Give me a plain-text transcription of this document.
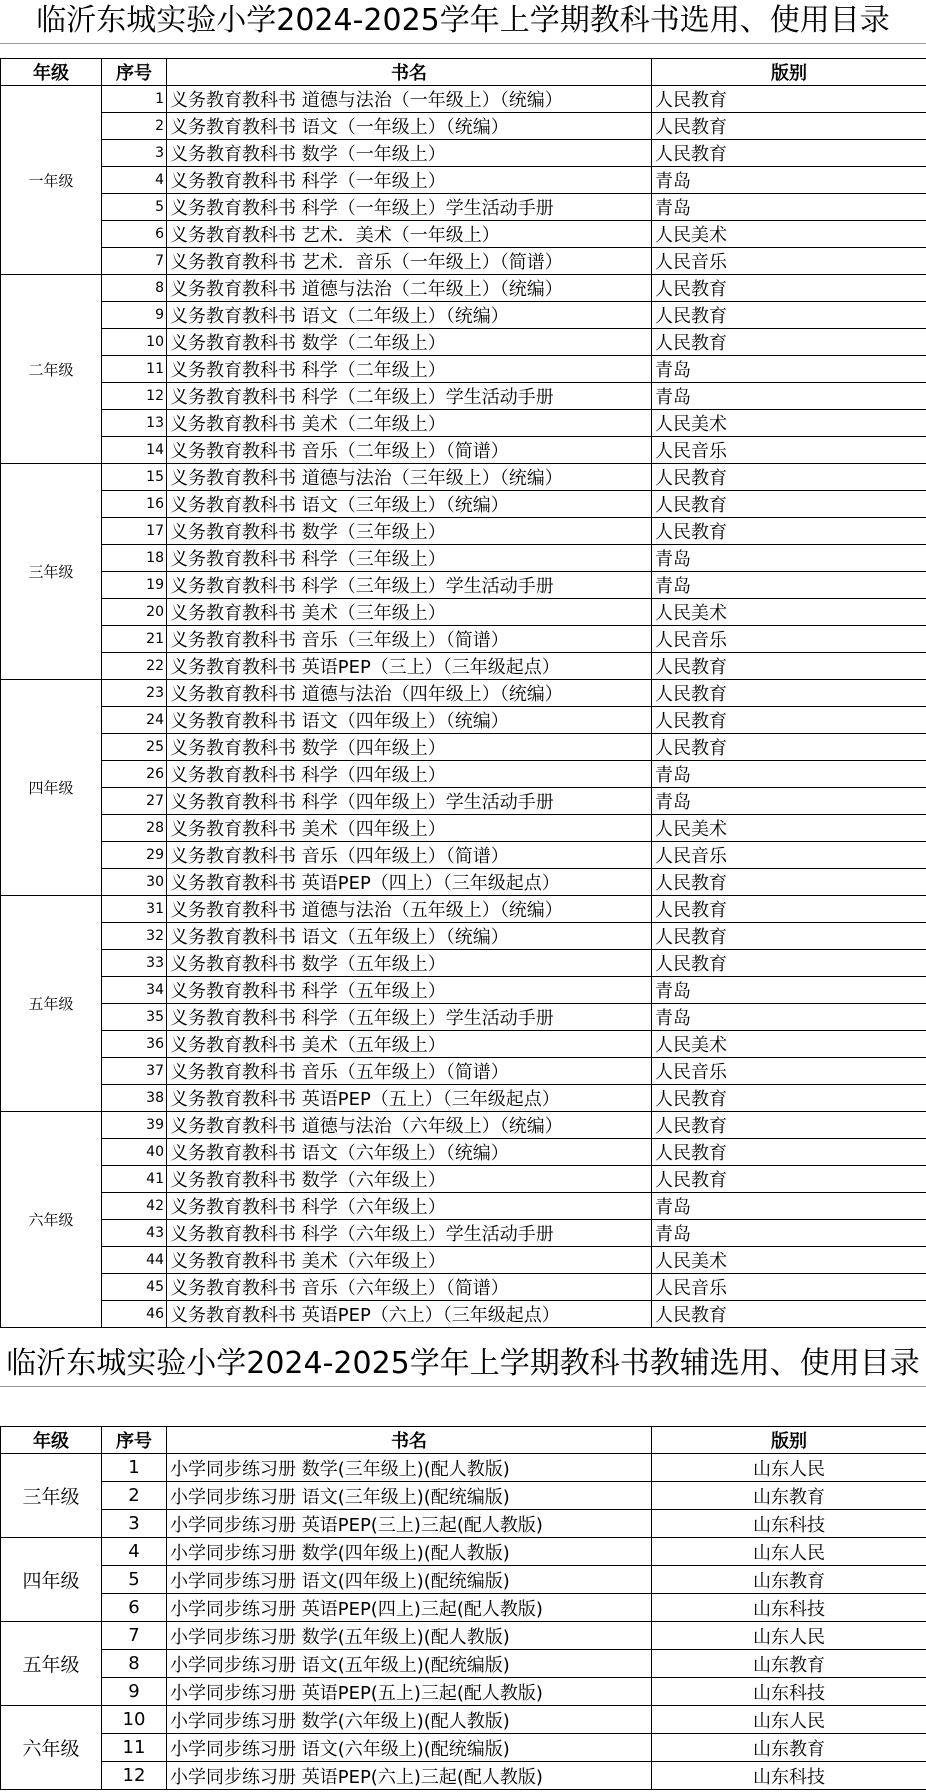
临沂东城实验小学2024-2025学年上学期教科书选用、使用目录
年级	序号	书名	版别
一年级	1	义务教育教科书 道德与法治（一年级上）（统编）	人民教育
	2	义务教育教科书 语文（一年级上）（统编）	人民教育
	3	义务教育教科书 数学（一年级上）	人民教育
	4	义务教育教科书 科学（一年级上）	青岛
	5	义务教育教科书 科学（一年级上）学生活动手册	青岛
	6	义务教育教科书 艺术．美术（一年级上）	人民美术
	7	义务教育教科书 艺术．音乐（一年级上）（简谱）	人民音乐
二年级	8	义务教育教科书 道德与法治（二年级上）（统编）	人民教育
	9	义务教育教科书 语文（二年级上）（统编）	人民教育
	10	义务教育教科书 数学（二年级上）	人民教育
	11	义务教育教科书 科学（二年级上）	青岛
	12	义务教育教科书 科学（二年级上）学生活动手册	青岛
	13	义务教育教科书 美术（二年级上）	人民美术
	14	义务教育教科书 音乐（二年级上）（简谱）	人民音乐
三年级	15	义务教育教科书 道德与法治（三年级上）（统编）	人民教育
	16	义务教育教科书 语文（三年级上）（统编）	人民教育
	17	义务教育教科书 数学（三年级上）	人民教育
	18	义务教育教科书 科学（三年级上）	青岛
	19	义务教育教科书 科学（三年级上）学生活动手册	青岛
	20	义务教育教科书 美术（三年级上）	人民美术
	21	义务教育教科书 音乐（三年级上）（简谱）	人民音乐
	22	义务教育教科书 英语PEP（三上）（三年级起点）	人民教育
四年级	23	义务教育教科书 道德与法治（四年级上）（统编）	人民教育
	24	义务教育教科书 语文（四年级上）（统编）	人民教育
	25	义务教育教科书 数学（四年级上）	人民教育
	26	义务教育教科书 科学（四年级上）	青岛
	27	义务教育教科书 科学（四年级上）学生活动手册	青岛
	28	义务教育教科书 美术（四年级上）	人民美术
	29	义务教育教科书 音乐（四年级上）（简谱）	人民音乐
	30	义务教育教科书 英语PEP（四上）（三年级起点）	人民教育
五年级	31	义务教育教科书 道德与法治（五年级上）（统编）	人民教育
	32	义务教育教科书 语文（五年级上）（统编）	人民教育
	33	义务教育教科书 数学（五年级上）	人民教育
	34	义务教育教科书 科学（五年级上）	青岛
	35	义务教育教科书 科学（五年级上）学生活动手册	青岛
	36	义务教育教科书 美术（五年级上）	人民美术
	37	义务教育教科书 音乐（五年级上）（简谱）	人民音乐
	38	义务教育教科书 英语PEP（五上）（三年级起点）	人民教育
六年级	39	义务教育教科书 道德与法治（六年级上）（统编）	人民教育
	40	义务教育教科书 语文（六年级上）（统编）	人民教育
	41	义务教育教科书 数学（六年级上）	人民教育
	42	义务教育教科书 科学（六年级上）	青岛
	43	义务教育教科书 科学（六年级上）学生活动手册	青岛
	44	义务教育教科书 美术（六年级上）	人民美术
	45	义务教育教科书 音乐（六年级上）（简谱）	人民音乐
	46	义务教育教科书 英语PEP（六上）（三年级起点）	人民教育
临沂东城实验小学2024-2025学年上学期教科书教辅选用、使用目录
年级	序号	书名	版别
三年级	1	小学同步练习册 数学(三年级上)(配人教版)	山东人民
	2	小学同步练习册 语文(三年级上)(配统编版)	山东教育
	3	小学同步练习册 英语PEP(三上)三起(配人教版)	山东科技
四年级	4	小学同步练习册 数学(四年级上)(配人教版)	山东人民
	5	小学同步练习册 语文(四年级上)(配统编版)	山东教育
	6	小学同步练习册 英语PEP(四上)三起(配人教版)	山东科技
五年级	7	小学同步练习册 数学(五年级上)(配人教版)	山东人民
	8	小学同步练习册 语文(五年级上)(配统编版)	山东教育
	9	小学同步练习册 英语PEP(五上)三起(配人教版)	山东科技
六年级	10	小学同步练习册 数学(六年级上)(配人教版)	山东人民
	11	小学同步练习册 语文(六年级上)(配统编版)	山东教育
	12	小学同步练习册 英语PEP(六上)三起(配人教版)	山东科技
